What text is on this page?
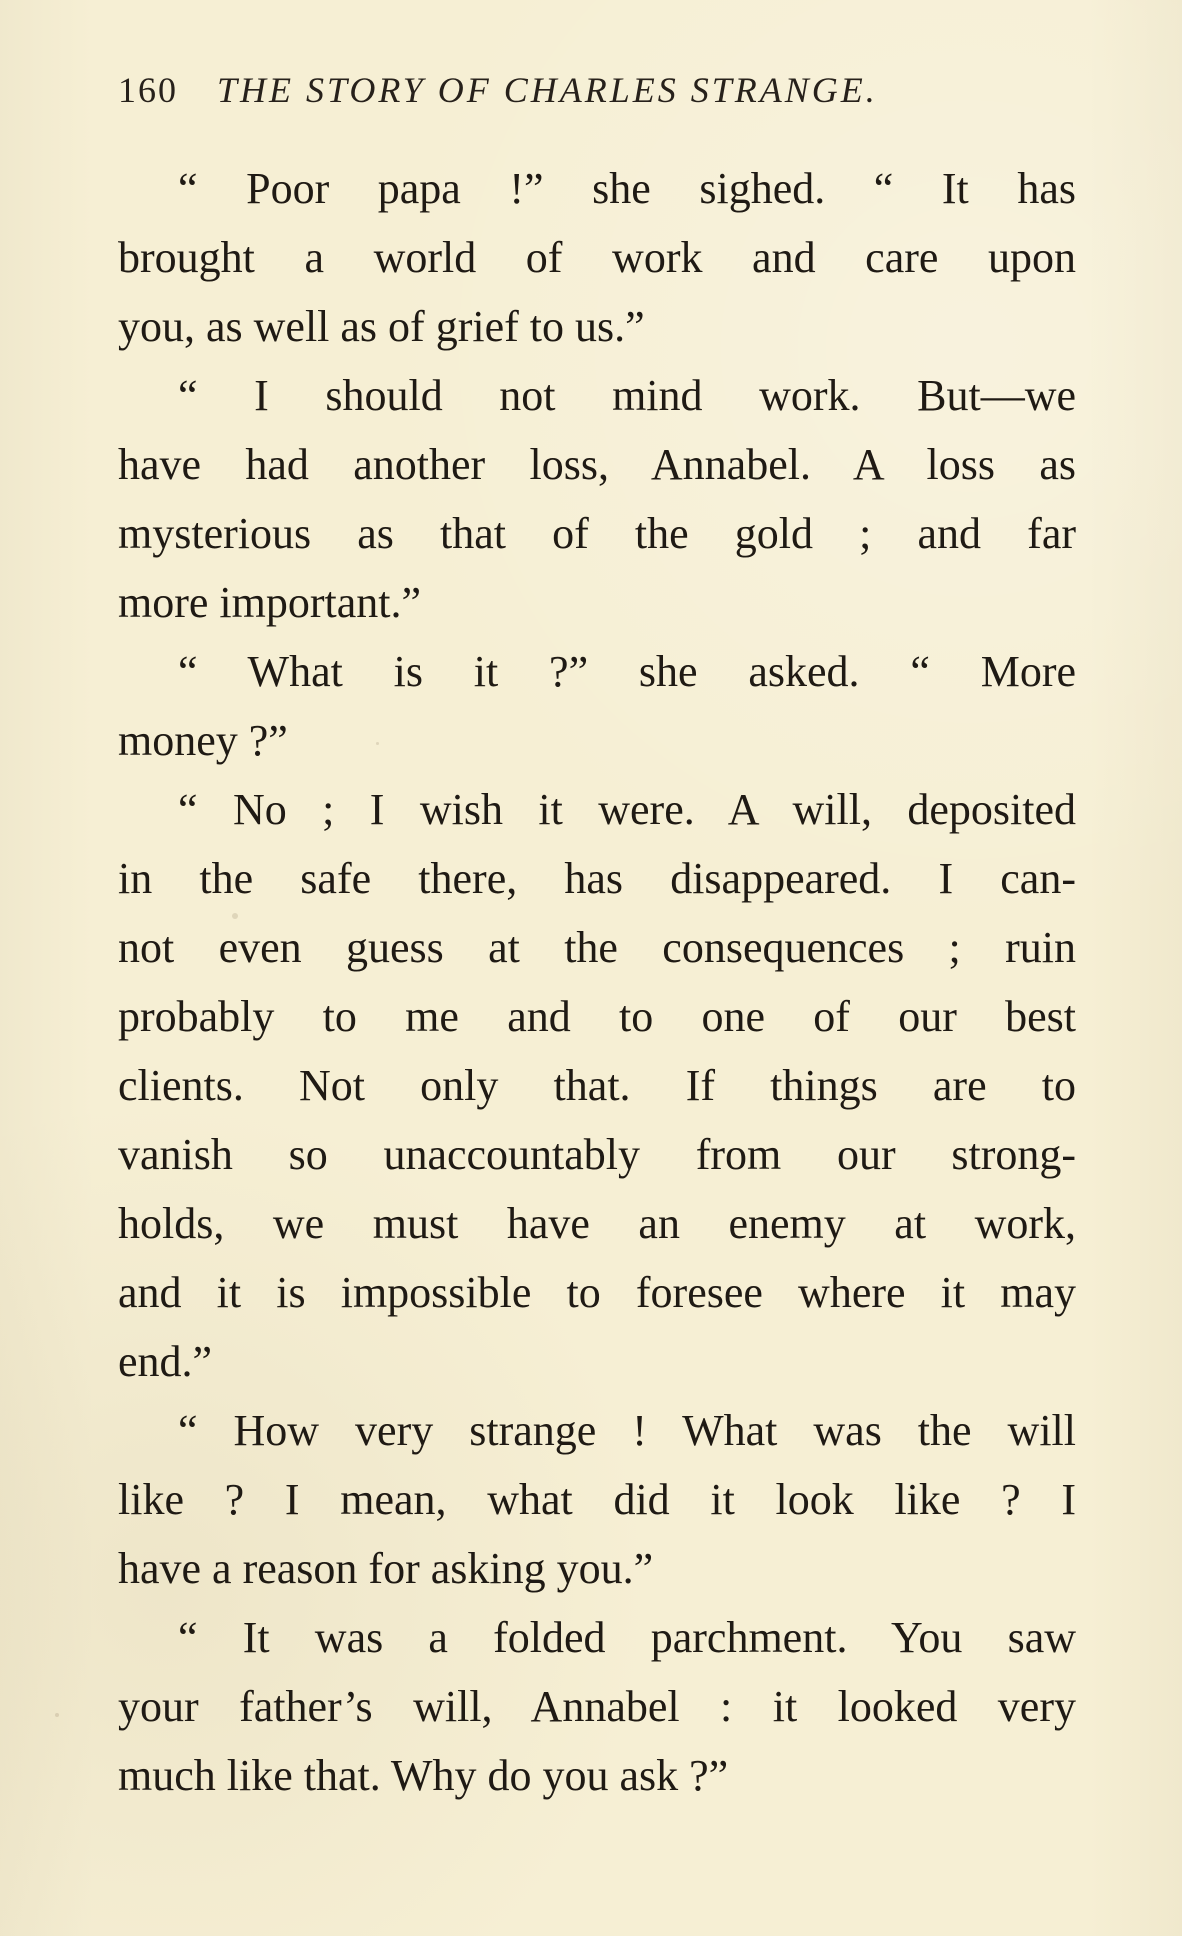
160 THE STORY OF CHARLES STRANGE.
“ Poor papa !” she sighed. “ It has
brought a world of work and care upon
you, as well as of grief to us.”
“ I should not mind work. But—we
have had another loss, Annabel. A loss as
mysterious as that of the gold ; and far
more important.”
“ What is it ?” she asked. “ More
money ?”
“ No ; I wish it were. A will, deposited
in the safe there, has disappeared. I can-
not even guess at the consequences ; ruin
probably to me and to one of our best
clients. Not only that. If things are to
vanish so unaccountably from our strong-
holds, we must have an enemy at work,
and it is impossible to foresee where it may
end.”
“ How very strange ! What was the will
like ? I mean, what did it look like ? I
have a reason for asking you.”
“ It was a folded parchment. You saw
your father’s will, Annabel : it looked very
much like that. Why do you ask ?”
